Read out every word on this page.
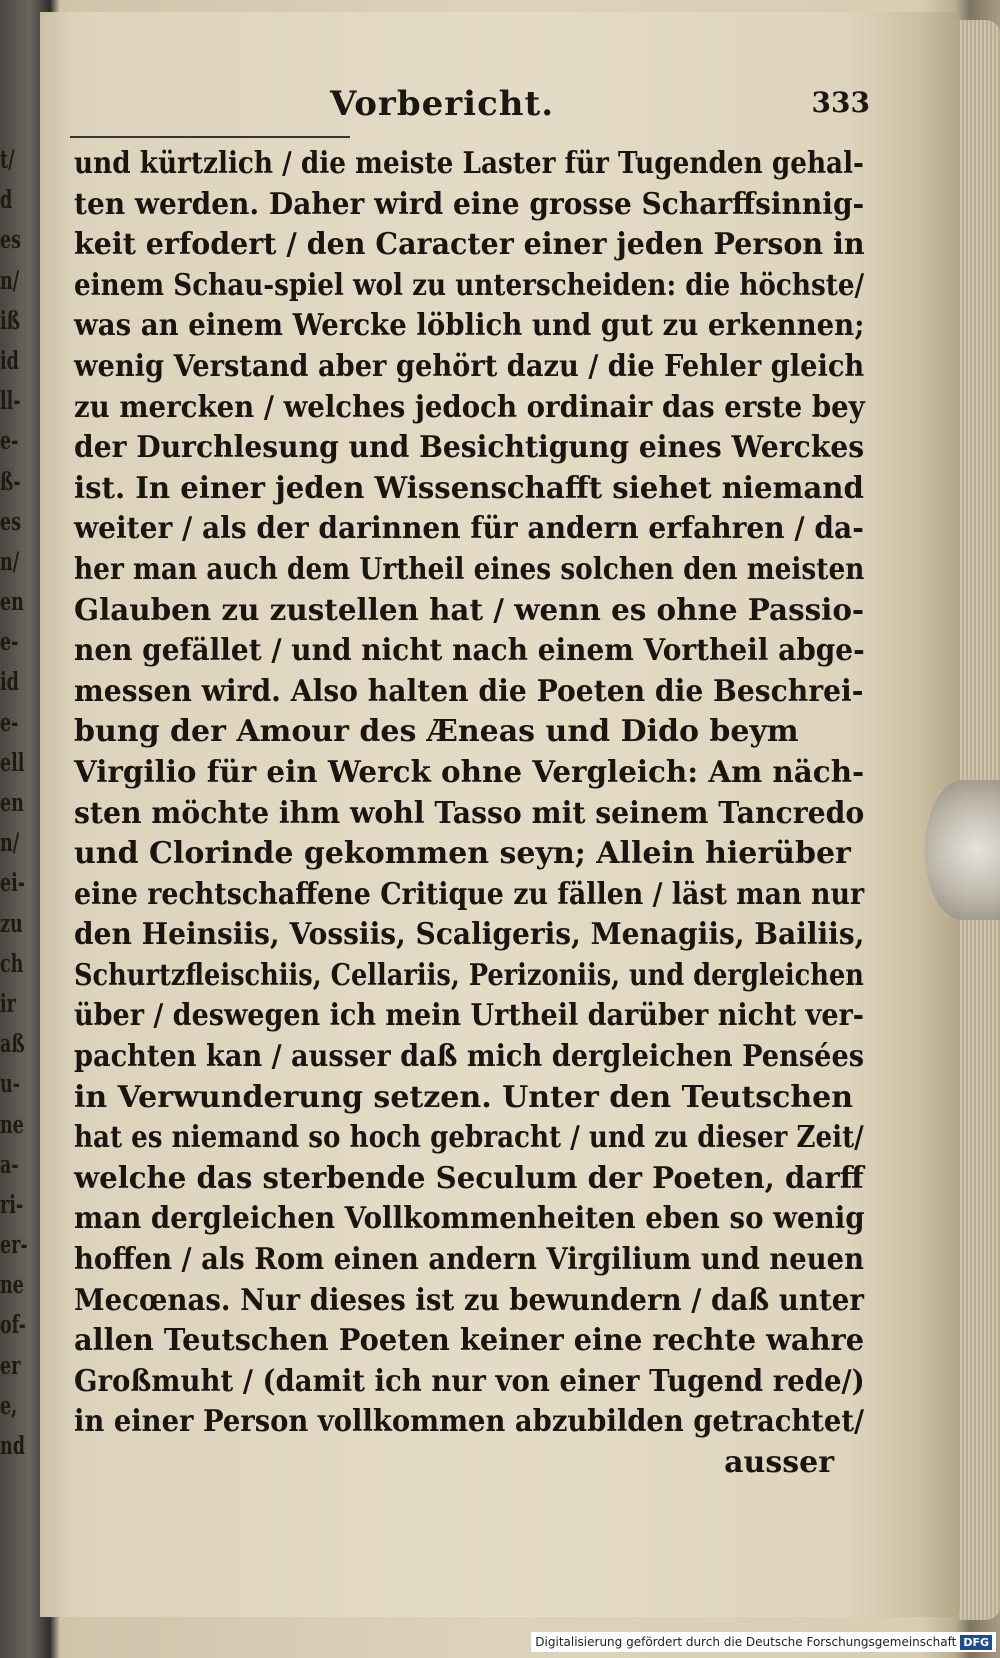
t/
d
es
n/
iß
id
ll-
e-
ß-
es
n/
en
e-
id
e-
ell
en
n/
ei-
zu
ch
ir
aß
u-
ne
a-
ri-
er-
ne
of-
er
e,
nd
Vorbericht.	333
und kürtzlich / die meiste Laster für Tugenden gehal-
ten werden. Daher wird eine grosse Scharffsinnig-
keit erfodert / den Caracter einer jeden Person in
einem Schau-spiel wol zu unterscheiden: die höchste/
was an einem Wercke löblich und gut zu erkennen;
wenig Verstand aber gehört dazu / die Fehler gleich
zu mercken / welches jedoch ordinair das erste bey
der Durchlesung und Besichtigung eines Werckes
ist. In einer jeden Wissenschafft siehet niemand
weiter / als der darinnen für andern erfahren / da-
her man auch dem Urtheil eines solchen den meisten
Glauben zu zustellen hat / wenn es ohne Passio-
nen gefället / und nicht nach einem Vortheil abge-
messen wird. Also halten die Poeten die Beschrei-
bung der Amour des Æneas und Dido beym
Virgilio für ein Werck ohne Vergleich: Am näch-
sten möchte ihm wohl Tasso mit seinem Tancredo
und Clorinde gekommen seyn; Allein hierüber
eine rechtschaffene Critique zu fällen / läst man nur
den Heinsiis, Vossiis, Scaligeris, Menagiis, Bailiis,
Schurtzfleischiis, Cellariis, Perizoniis, und dergleichen
über / deswegen ich mein Urtheil darüber nicht ver-
pachten kan / ausser daß mich dergleichen Pensées
in Verwunderung setzen. Unter den Teutschen
hat es niemand so hoch gebracht / und zu dieser Zeit/
welche das sterbende Seculum der Poeten, darff
man dergleichen Vollkommenheiten eben so wenig
hoffen / als Rom einen andern Virgilium und neuen
Mecœnas. Nur dieses ist zu bewundern / daß unter
allen Teutschen Poeten keiner eine rechte wahre
Großmuht / (damit ich nur von einer Tugend rede/)
in einer Person vollkommen abzubilden getrachtet/
ausser
Digitalisierung gefördert durch die Deutsche Forschungsgemeinschaft DFG
